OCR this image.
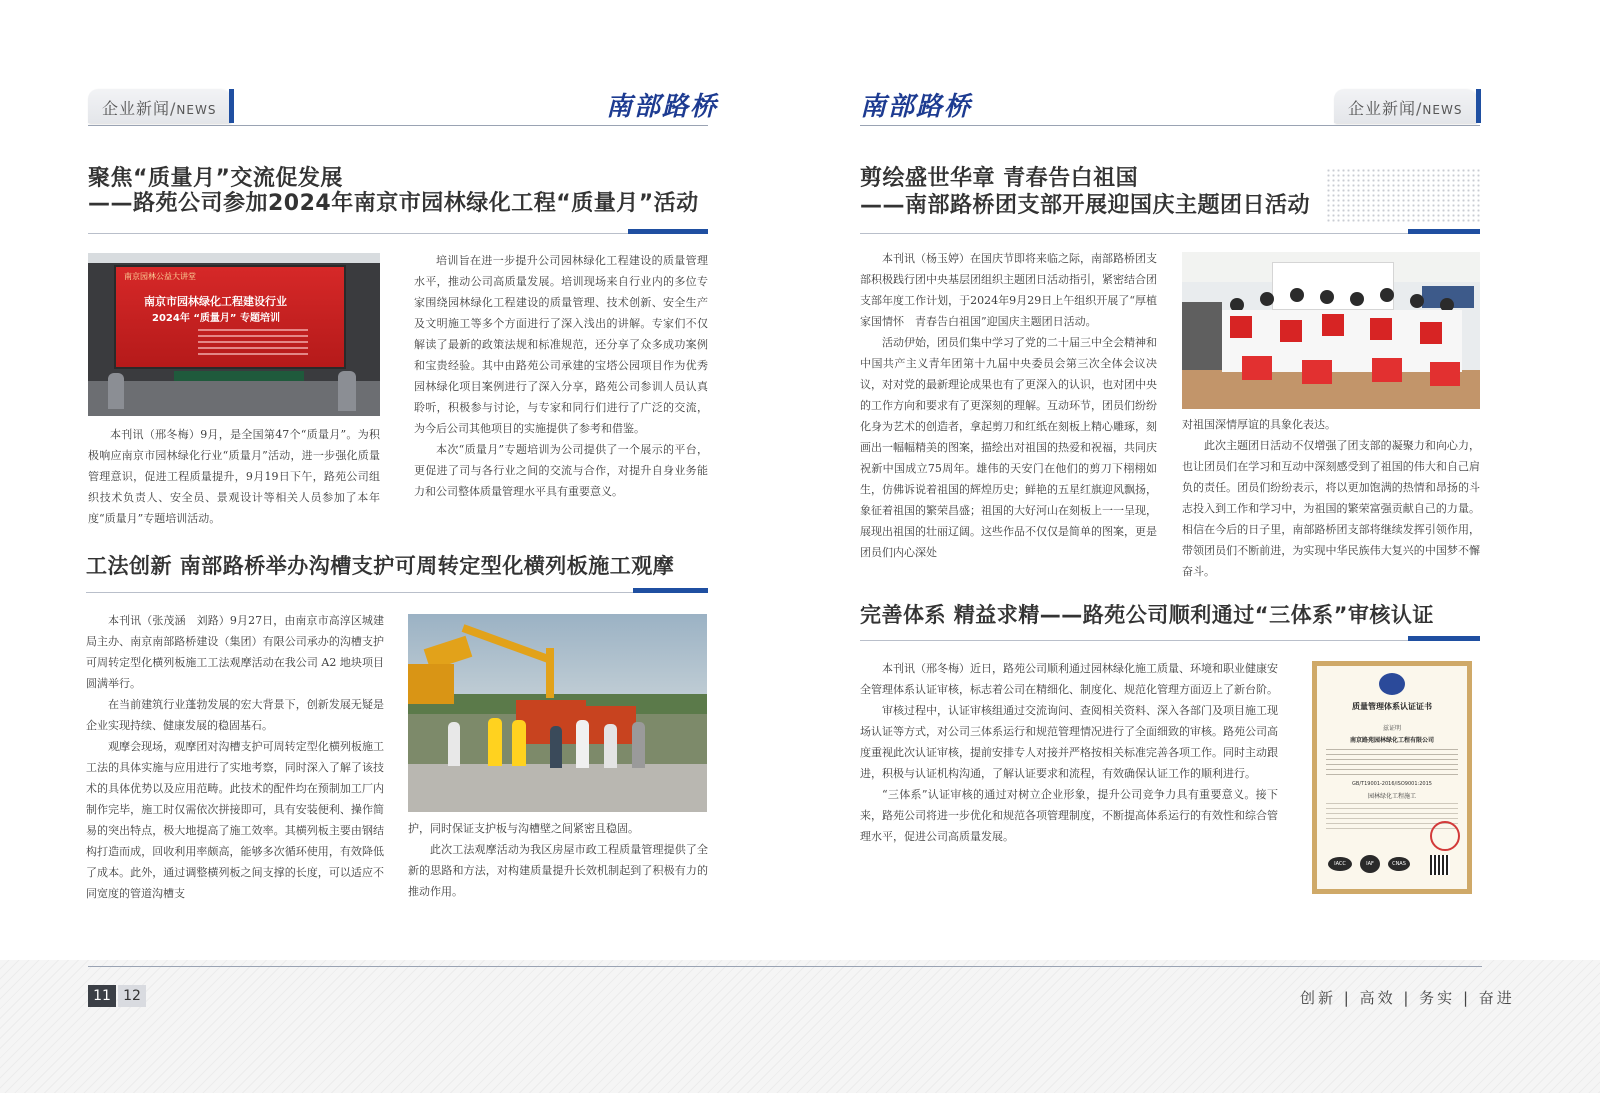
企业新闻/NEWS	南部路桥
聚焦“质量月”交流促发展
——路苑公司参加2024年南京市园林绿化工程“质量月”活动
南京园林公益大讲堂
南京市园林绿化工程建设行业
2024年 “质量月” 专题培训

本刊讯（邢冬梅）9月，是全国第47个“质量月”。为积极响应南京市园林绿化行业“质量月”活动，进一步强化质量管理意识，促进工程质量提升，9月19日下午，路苑公司组织技术负责人、安全员、景观设计等相关人员参加了本年度“质量月”专题培训活动。

培训旨在进一步提升公司园林绿化工程建设的质量管理水平，推动公司高质量发展。培训现场来自行业内的多位专家围绕园林绿化工程建设的质量管理、技术创新、安全生产及文明施工等多个方面进行了深入浅出的讲解。专家们不仅解读了最新的政策法规和标准规范，还分享了众多成功案例和宝贵经验。其中由路苑公司承建的宝塔公园项目作为优秀园林绿化项目案例进行了深入分享，路苑公司参训人员认真聆听，积极参与讨论，与专家和同行们进行了广泛的交流，为今后公司其他项目的实施提供了参考和借鉴。

本次“质量月”专题培训为公司提供了一个展示的平台，更促进了司与各行业之间的交流与合作，对提升自身业务能力和公司整体质量管理水平具有重要意义。

工法创新 南部路桥举办沟槽支护可周转定型化横列板施工观摩

本刊讯（张茂涵　刘路）9月27日，由南京市高淳区城建局主办、南京南部路桥建设（集团）有限公司承办的沟槽支护可周转定型化横列板施工工法观摩活动在我公司 A2 地块项目圆满举行。

在当前建筑行业蓬勃发展的宏大背景下，创新发展无疑是企业实现持续、健康发展的稳固基石。

观摩会现场，观摩团对沟槽支护可周转定型化横列板施工工法的具体实施与应用进行了实地考察，同时深入了解了该技术的具体优势以及应用范畴。此技术的配件均在预制加工厂内制作完毕，施工时仅需依次拼接即可，具有安装便利、操作简易的突出特点，极大地提高了施工效率。其横列板主要由钢结构打造而成，回收利用率颇高，能够多次循环使用，有效降低了成本。此外，通过调整横列板之间支撑的长度，可以适应不同宽度的管道沟槽支

护，同时保证支护板与沟槽壁之间紧密且稳固。

此次工法观摩活动为我区房屋市政工程质量管理提供了全新的思路和方法，对构建质量提升长效机制起到了积极有力的推动作用。

南部路桥	企业新闻/NEWS
剪绘盛世华章 青春告白祖国
——南部路桥团支部开展迎国庆主题团日活动

本刊讯（杨玉婷）在国庆节即将来临之际，南部路桥团支部积极践行团中央基层团组织主题团日活动指引，紧密结合团支部年度工作计划，于2024年9月29日上午组织开展了“厚植家国情怀　青春告白祖国”迎国庆主题团日活动。

活动伊始，团员们集中学习了党的二十届三中全会精神和中国共产主义青年团第十九届中央委员会第三次全体会议决议，对对党的最新理论成果也有了更深入的认识，也对团中央的工作方向和要求有了更深刻的理解。互动环节，团员们纷纷化身为艺术的创造者，拿起剪刀和红纸在刻板上精心雕琢，刻画出一幅幅精美的图案，描绘出对祖国的热爱和祝福，共同庆祝新中国成立75周年。雄伟的天安门在他们的剪刀下栩栩如生，仿佛诉说着祖国的辉煌历史；鲜艳的五星红旗迎风飘扬，象征着祖国的繁荣昌盛；祖国的大好河山在刻板上一一呈现，展现出祖国的壮丽辽阔。这些作品不仅仅是简单的图案，更是团员们内心深处

对祖国深情厚谊的具象化表达。

此次主题团日活动不仅增强了团支部的凝聚力和向心力，也让团员们在学习和互动中深刻感受到了祖国的伟大和自己肩负的责任。团员们纷纷表示，将以更加饱满的热情和昂扬的斗志投入到工作和学习中，为祖国的繁荣富强贡献自己的力量。相信在今后的日子里，南部路桥团支部将继续发挥引领作用，带领团员们不断前进，为实现中华民族伟大复兴的中国梦不懈奋斗。

完善体系 精益求精——路苑公司顺利通过“三体系”审核认证

本刊讯（邢冬梅）近日，路苑公司顺利通过园林绿化施工质量、环境和职业健康安全管理体系认证审核，标志着公司在精细化、制度化、规范化管理方面迈上了新台阶。

审核过程中，认证审核组通过交流询问、查阅相关资料、深入各部门及项目施工现场认证等方式，对公司三体系运行和规范管理情况进行了全面细致的审核。路苑公司高度重视此次认证审核，提前安排专人对接并严格按相关标准完善各项工作。同时主动跟进，积极与认证机构沟通，了解认证要求和流程，有效确保认证工作的顺利进行。

“三体系”认证审核的通过对树立企业形象，提升公司竞争力具有重要意义。接下来，路苑公司将进一步优化和规范各项管理制度，不断提高体系运行的有效性和综合管理水平，促进公司高质量发展。

质量管理体系认证证书
兹证明
南京路苑园林绿化工程有限公司
GB/T19001-2016/ISO9001:2015
园林绿化工程施工
IACC	IAF	CNAS
11 12	创新 | 高效 | 务实 | 奋进
